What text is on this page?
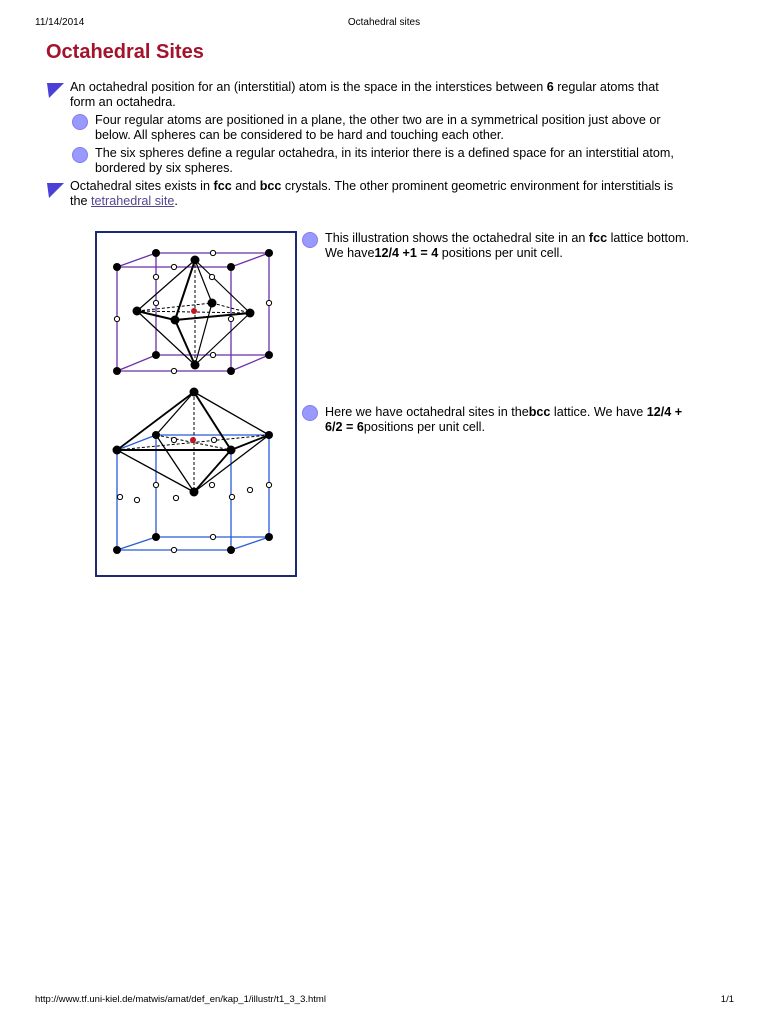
11/14/2014	Octahedral sites
Octahedral Sites
An octahedral position for an (interstitial) atom is the space in the interstices between 6 regular atoms that
form an octahedra.
Four regular atoms are positioned in a plane, the other two are in a symmetrical position just above or
below. All spheres can be considered to be hard and touching each other.
The six spheres define a regular octahedra, in its interior there is a defined space for an interstitial atom,
bordered by six spheres.
Octahedral sites exists in fcc and bcc crystals. The other prominent geometric environment for interstitials is
the tetrahedral site.
This illustration shows the octahedral site in an fcc lattice bottom.
We have12/4 +1 = 4 positions per unit cell.
Here we have octahedral sites in thebcc lattice. We have 12/4 +
6/2 = 6positions per unit cell.
http://www.tf.uni-kiel.de/matwis/amat/def_en/kap_1/illustr/t1_3_3.html	1/1
